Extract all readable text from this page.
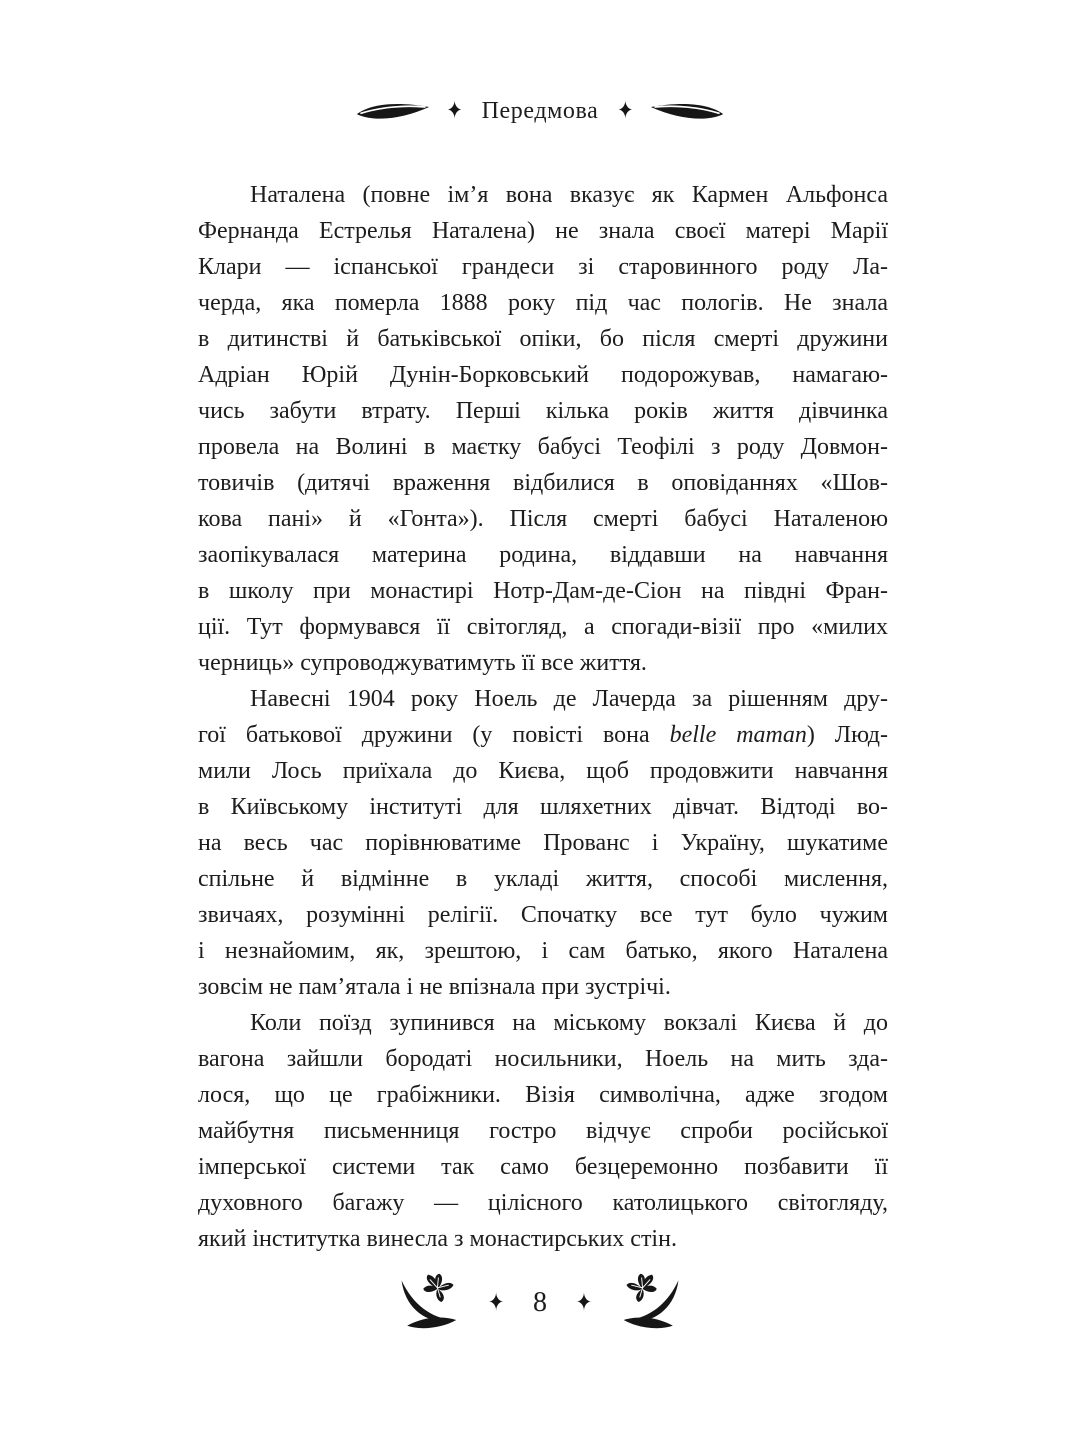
✦ Передмова ✦
Наталена (повне ім’я вона вказує як Кармен Альфонса
Фернанда Естрелья Наталена) не знала своєї матері Марії
Клари — іспанської грандеси зі старовинного роду Ла-
черда, яка померла 1888 року під час пологів. Не знала
в дитинстві й батьківської опіки, бо після смерті дружини
Адріан Юрій Дунін-Борковський подорожував, намагаю-
чись забути втрату. Перші кілька років життя дівчинка
провела на Волині в маєтку бабусі Теофілі з роду Довмон-
товичів (дитячі враження відбилися в оповіданнях «Шов-
кова пані» й «Гонта»). Після смерті бабусі Наталеною
заопікувалася материна родина, віддавши на навчання
в школу при монастирі Нотр-Дам-де-Сіон на півдні Фран-
ції. Тут формувався її світогляд, а спогади-візії про «милих
черниць» супроводжуватимуть її все життя.
Навесні 1904 року Ноель де Лачерда за рішенням дру-
гої батькової дружини (у повісті вона belle maman) Люд-
мили Лось приїхала до Києва, щоб продовжити навчання
в Київському інституті для шляхетних дівчат. Відтоді во-
на весь час порівнюватиме Прованс і Україну, шукатиме
спільне й відмінне в укладі життя, способі мислення,
звичаях, розумінні релігії. Спочатку все тут було чужим
і незнайомим, як, зрештою, і сам батько, якого Наталена
зовсім не пам’ятала і не впізнала при зустрічі.
Коли поїзд зупинився на міському вокзалі Києва й до
вагона зайшли бородаті носильники, Ноель на мить зда-
лося, що це грабіжники. Візія символічна, адже згодом
майбутня письменниця гостро відчує спроби російської
імперської системи так само безцеремонно позбавити її
духовного багажу — цілісного католицького світогляду,
який інститутка винесла з монастирських стін.
✦ 8 ✦
